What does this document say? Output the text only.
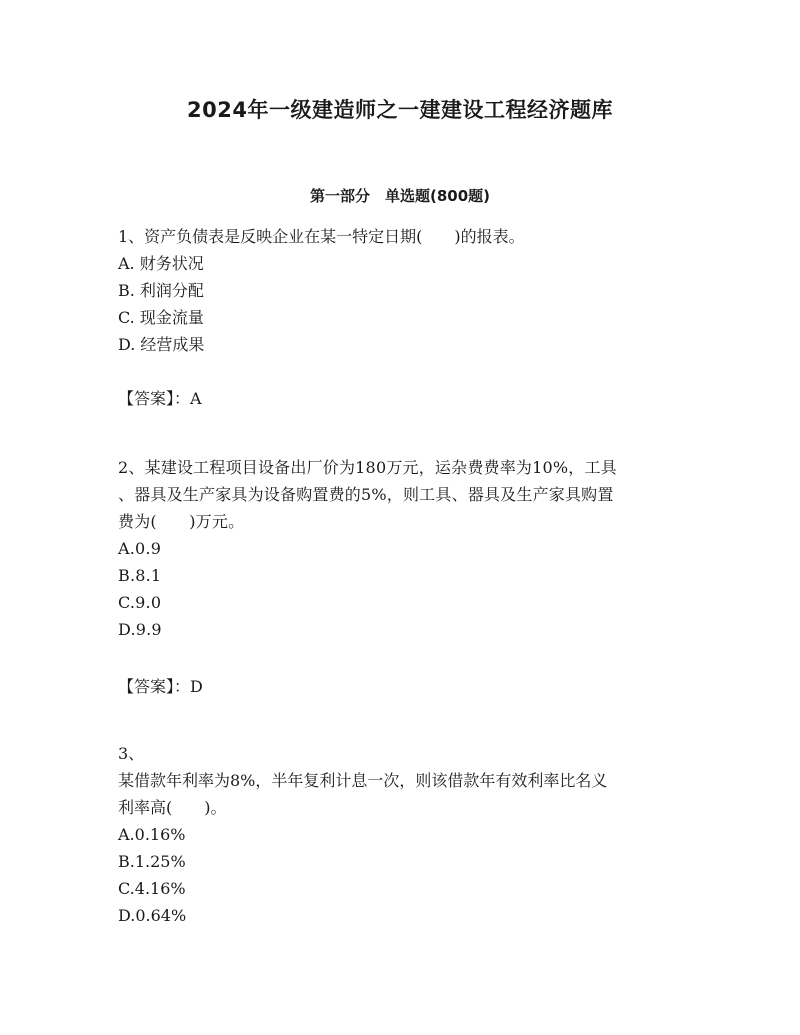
2024年一级建造师之一建建设工程经济题库
第一部分　单选题(800题)

1、资产负债表是反映企业在某一特定日期(　　)的报表。

A. 财务状况

B. 利润分配

C. 现金流量

D. 经营成果

【答案】：A

2、某建设工程项目设备出厂价为180万元，运杂费费率为10%，工具

、器具及生产家具为设备购置费的5%，则工具、器具及生产家具购置

费为(　　)万元。

A.0.9

B.8.1

C.9.0

D.9.9

【答案】：D

3、

某借款年利率为8%，半年复利计息一次，则该借款年有效利率比名义

利率高(　　)。

A.0.16%

B.1.25%

C.4.16%

D.0.64%
